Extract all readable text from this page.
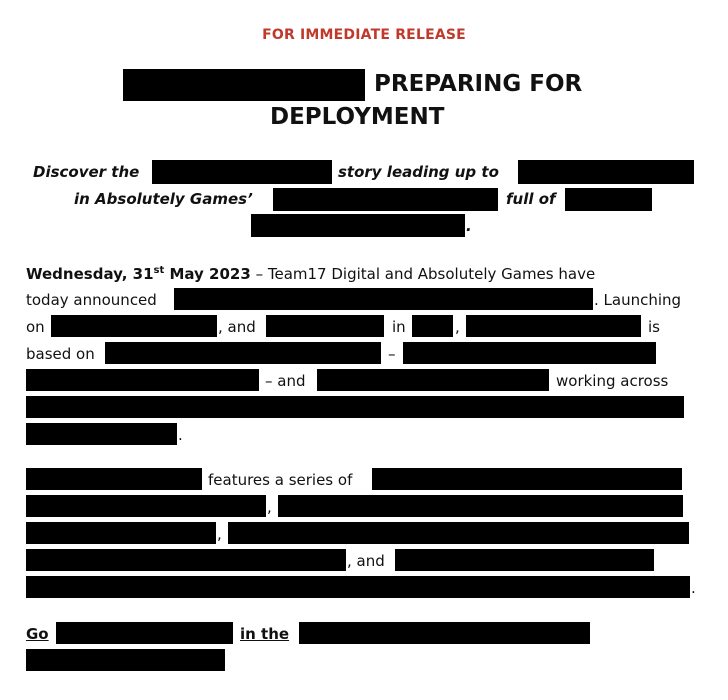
FOR IMMEDIATE RELEASE
PREPARING FOR
DEPLOYMENT
Discover the	story leading up to
in Absolutely Games’	full of
.
Wednesday, 31st May 2023 – Team17 Digital and Absolutely Games have
today announced	. Launching
on	, and	in	,	is
based on	–
– and	working across
.
features a series of
,
,
, and
.
Go	in the
